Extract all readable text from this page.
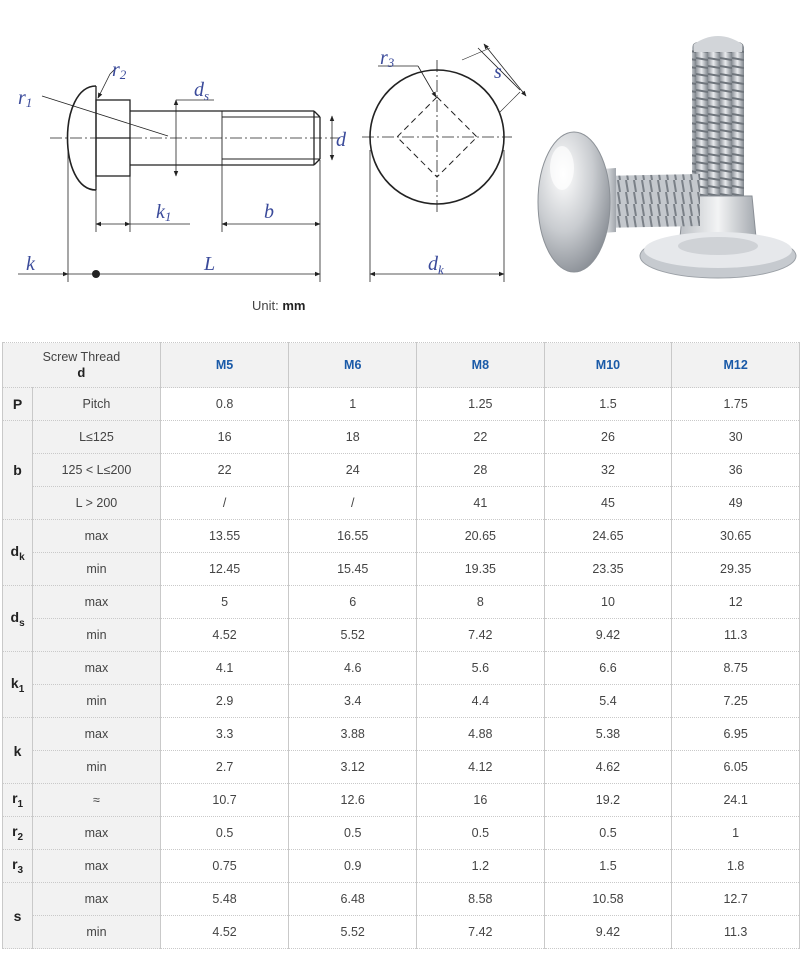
r1
r2
$d_s$
d
k1	b
k	L
r3	s
$d_k$
Unit: mm
Screw Thread
d		M5	M6	M8	M10	M12
P	Pitch	0.8	1	1.25	1.5	1.75
b	L≤125	16	18	22	26	30
	125 < L≤200	22	24	28	32	36
	L > 200	/	/	41	45	49
$d_k$	max	13.55	16.55	20.65	24.65	30.65
	min	12.45	15.45	19.35	23.35	29.35
$d_s$	max	5	6	8	10	12
	min	4.52	5.52	7.42	9.42	11.3
$k_1$	max	4.1	4.6	5.6	6.6	8.75
	min	2.9	3.4	4.4	5.4	7.25
k	max	3.3	3.88	4.88	5.38	6.95
	min	2.7	3.12	4.12	4.62	6.05
$r_1$	≈	10.7	12.6	16	19.2	24.1
$r_2$	max	0.5	0.5	0.5	0.5	1
$r_3$	max	0.75	0.9	1.2	1.5	1.8
s	max	5.48	6.48	8.58	10.58	12.7
	min	4.52	5.52	7.42	9.42	11.3
